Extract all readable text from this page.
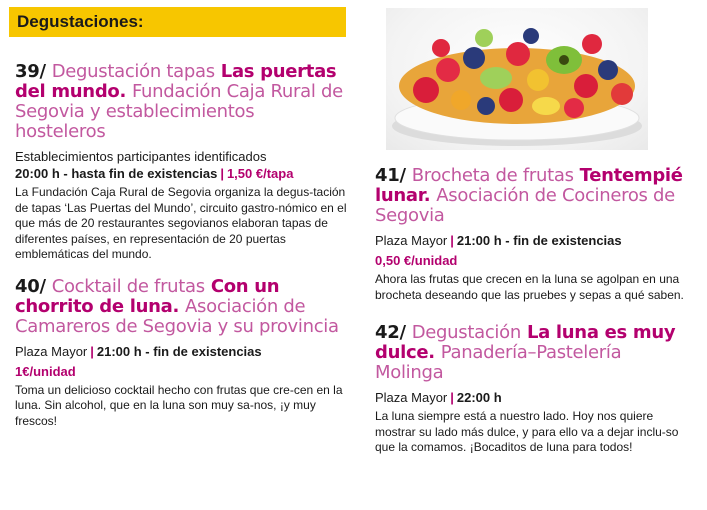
Degustaciones:

39/ Degustación tapas Las puertas del mundo. Fundación Caja Rural de Segovia y establecimientos hosteleros

Establecimientos participantes identificados

20:00 h - hasta fin de existencias | 1,50 €/tapa

La Fundación Caja Rural de Segovia organiza la degus-tación de tapas ‘Las Puertas del Mundo’, circuito gastro-nómico en el que más de 20 restaurantes segovianos elaboran tapas de diferentes países, en representación de 20 puertas emblemáticas del mundo.

40/ Cocktail de frutas Con un chorrito de luna. Asociación de Camareros de Segovia y su provincia

Plaza Mayor | 21:00 h - fin de existencias

1€/unidad

Toma un delicioso cocktail hecho con frutas que cre-cen en la luna. Sin alcohol, que en la luna son muy sa-nos, ¡y muy frescos!

41/ Brocheta de frutas Tentempié lunar. Asociación de Cocineros de Segovia

Plaza Mayor | 21:00 h - fin de existencias

0,50 €/unidad

Ahora las frutas que crecen en la luna se agolpan en una brocheta deseando que las pruebes y sepas a qué saben.

42/ Degustación La luna es muy dulce. Panadería–Pastelería Molinga

Plaza Mayor | 22:00 h

La luna siempre está a nuestro lado. Hoy nos quiere mostrar su lado más dulce, y para ello va a dejar inclu-so que la comamos. ¡Bocaditos de luna para todos!
